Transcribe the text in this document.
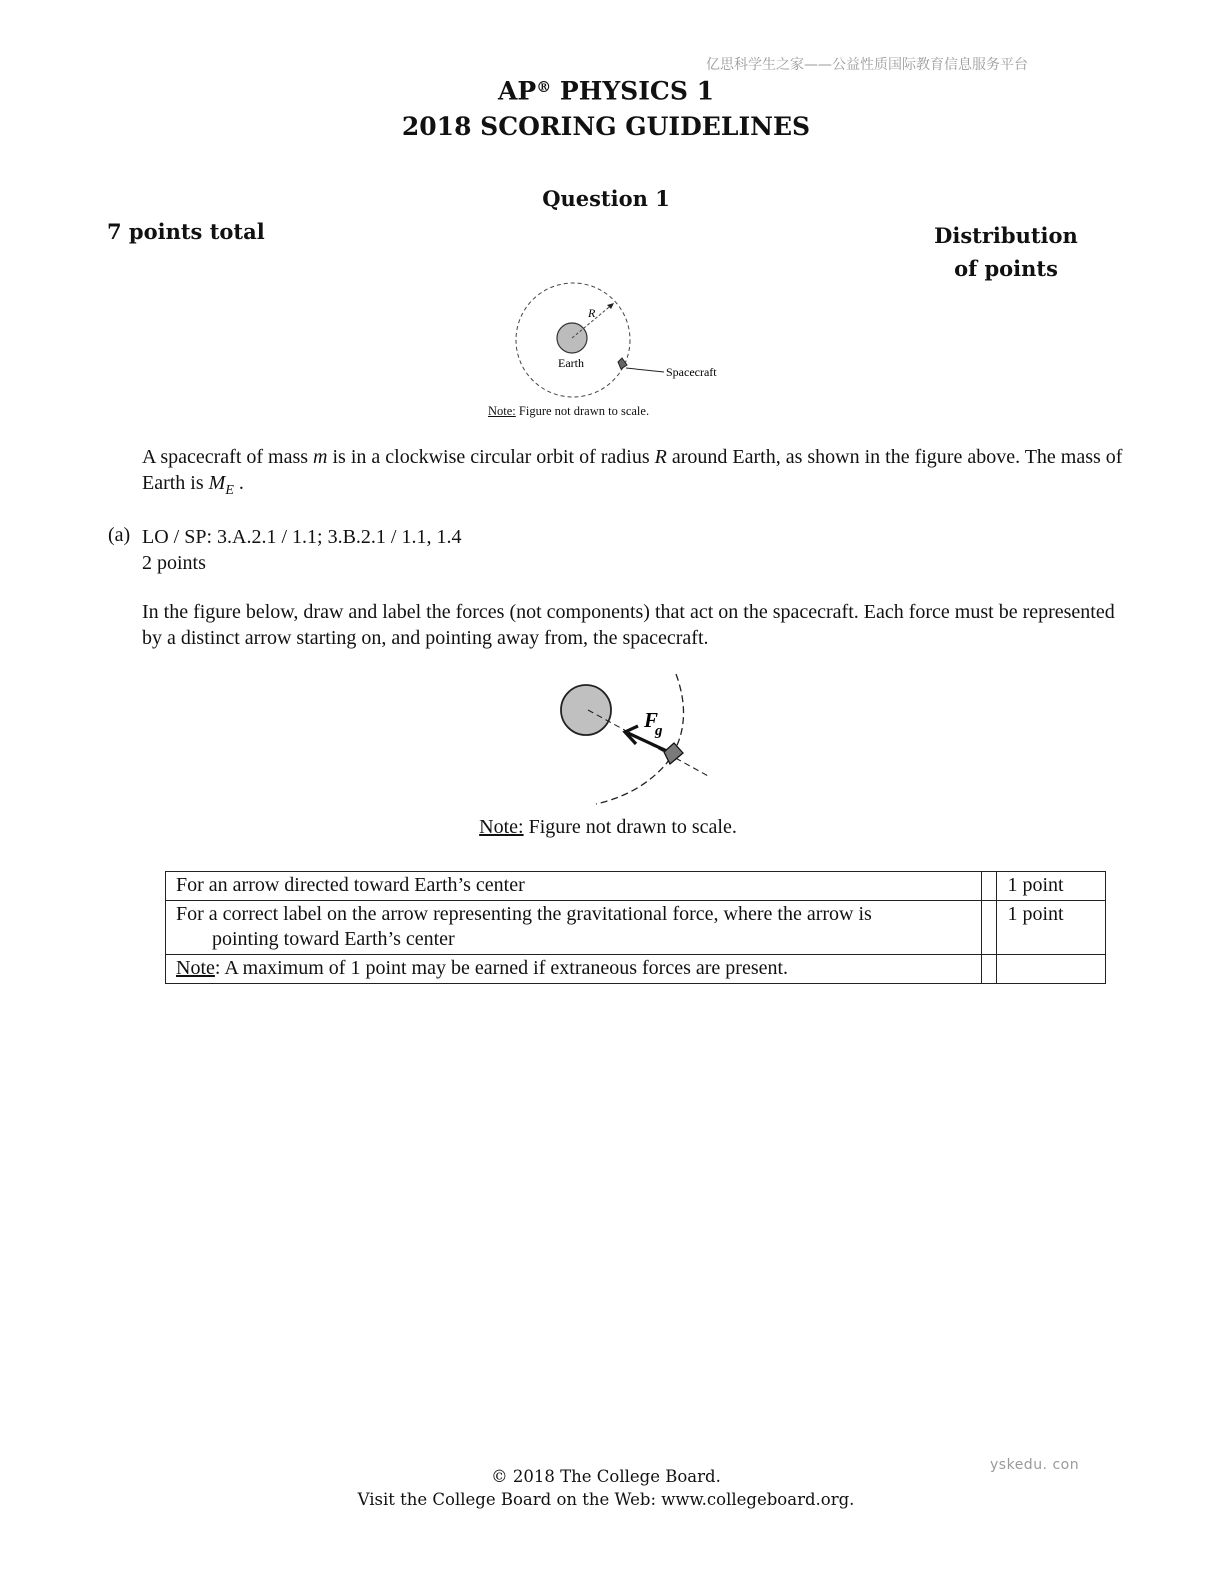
亿思科学生之家——公益性质国际教育信息服务平台
AP® PHYSICS 1
2018 SCORING GUIDELINES
Question 1
7 points total	Distribution
of points
R
Earth
Spacecraft
Note: Figure not drawn to scale.
A spacecraft of mass m is in a clockwise circular orbit of radius R around Earth, as shown in the figure above. The mass of Earth is $M_E$ .
(a) LO / SP: 3.A.2.1 / 1.1; 3.B.2.1 / 1.1, 1.4
2 points
In the figure below, draw and label the forces (not components) that act on the spacecraft. Each force must be represented by a distinct arrow starting on, and pointing away from, the spacecraft.
F
g
Note: Figure not drawn to scale.
For an arrow directed toward Earth’s center		1 point
For a correct label on the arrow representing the gravitational force, where the arrow is
pointing toward Earth’s center		1 point
Note: A maximum of 1 point may be earned if extraneous forces are present.		
yskedu. con
© 2018 The College Board.
Visit the College Board on the Web: www.collegeboard.org.
